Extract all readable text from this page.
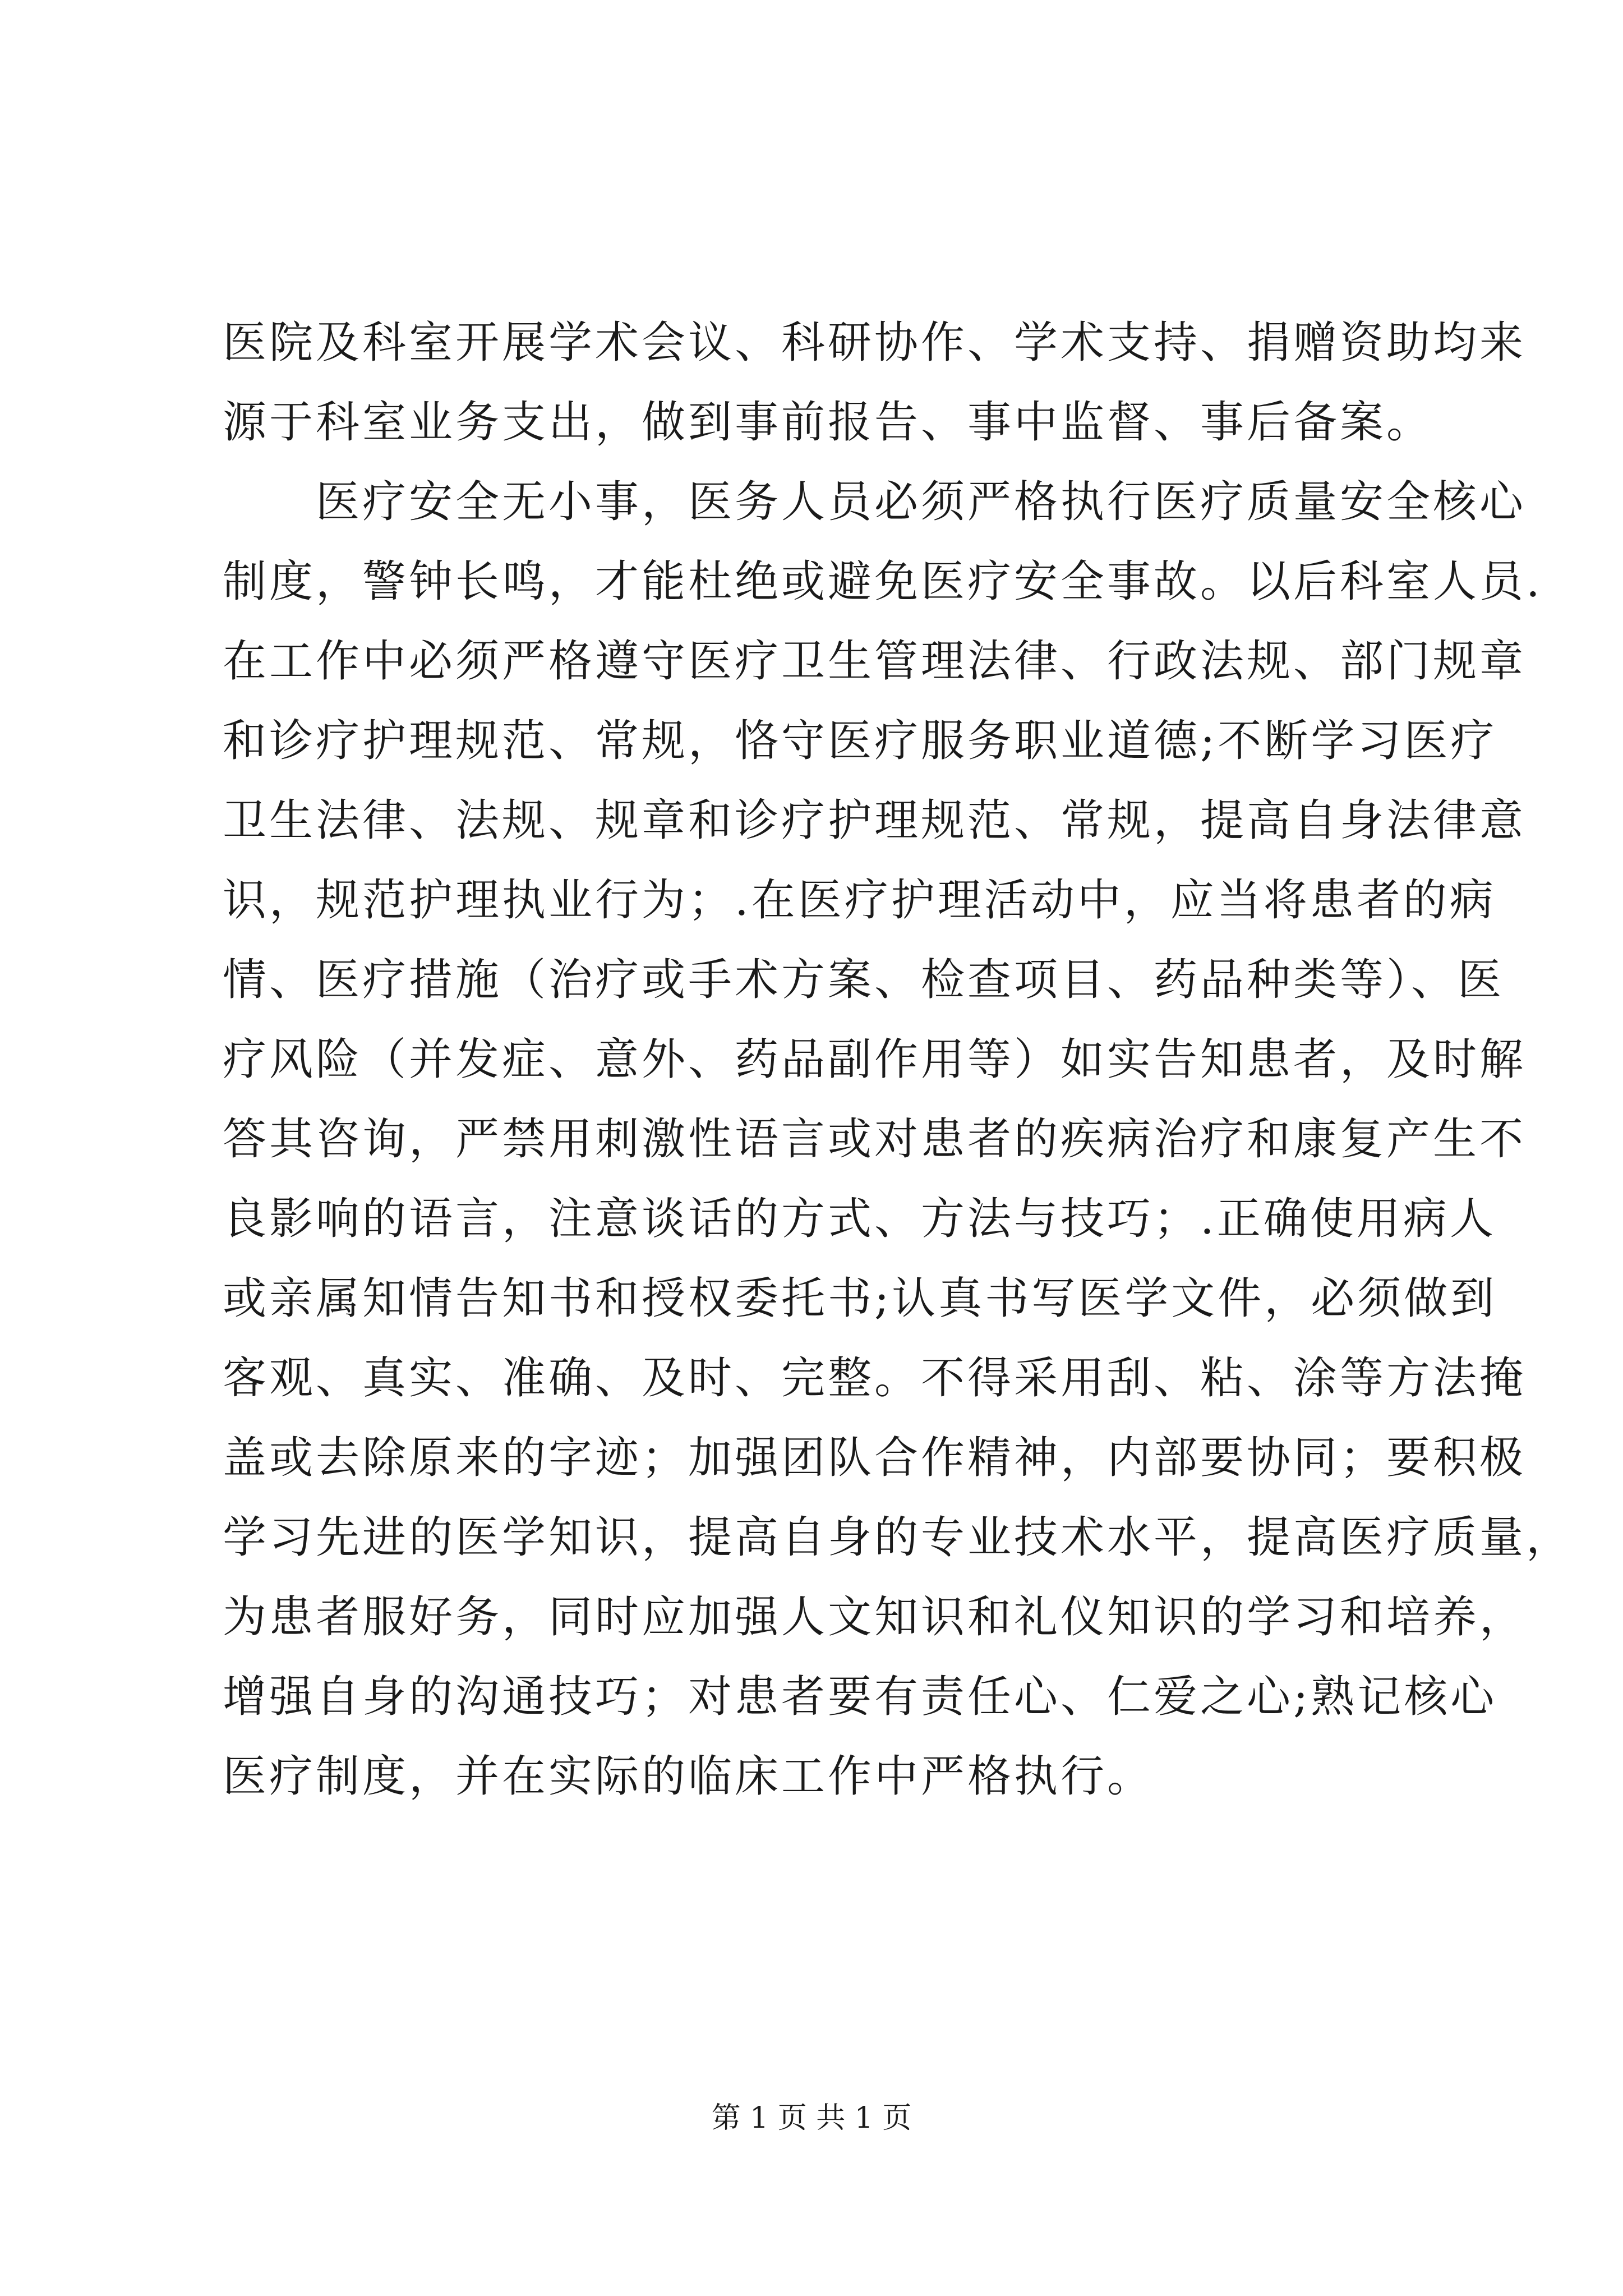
医院及科室开展学术会议、科研协作、学术支持、捐赠资助均来
源于科室业务支出，做到事前报告、事中监督、事后备案。
　　医疗安全无小事，医务人员必须严格执行医疗质量安全核心
制度，警钟长鸣，才能杜绝或避免医疗安全事故。以后科室人员.
在工作中必须严格遵守医疗卫生管理法律、行政法规、部门规章
和诊疗护理规范、常规，恪守医疗服务职业道德;不断学习医疗
卫生法律、法规、规章和诊疗护理规范、常规，提高自身法律意
识，规范护理执业行为；.在医疗护理活动中，应当将患者的病
情、医疗措施（治疗或手术方案、检查项目、药品种类等）、医
疗风险（并发症、意外、药品副作用等）如实告知患者，及时解
答其咨询，严禁用刺激性语言或对患者的疾病治疗和康复产生不
良影响的语言，注意谈话的方式、方法与技巧；.正确使用病人
或亲属知情告知书和授权委托书;认真书写医学文件，必须做到
客观、真实、准确、及时、完整。不得采用刮、粘、涂等方法掩
盖或去除原来的字迹；加强团队合作精神，内部要协同；要积极
学习先进的医学知识，提高自身的专业技术水平，提高医疗质量，
为患者服好务，同时应加强人文知识和礼仪知识的学习和培养，
增强自身的沟通技巧；对患者要有责任心、仁爱之心;熟记核心
医疗制度，并在实际的临床工作中严格执行。
第 1 页 共 1 页
